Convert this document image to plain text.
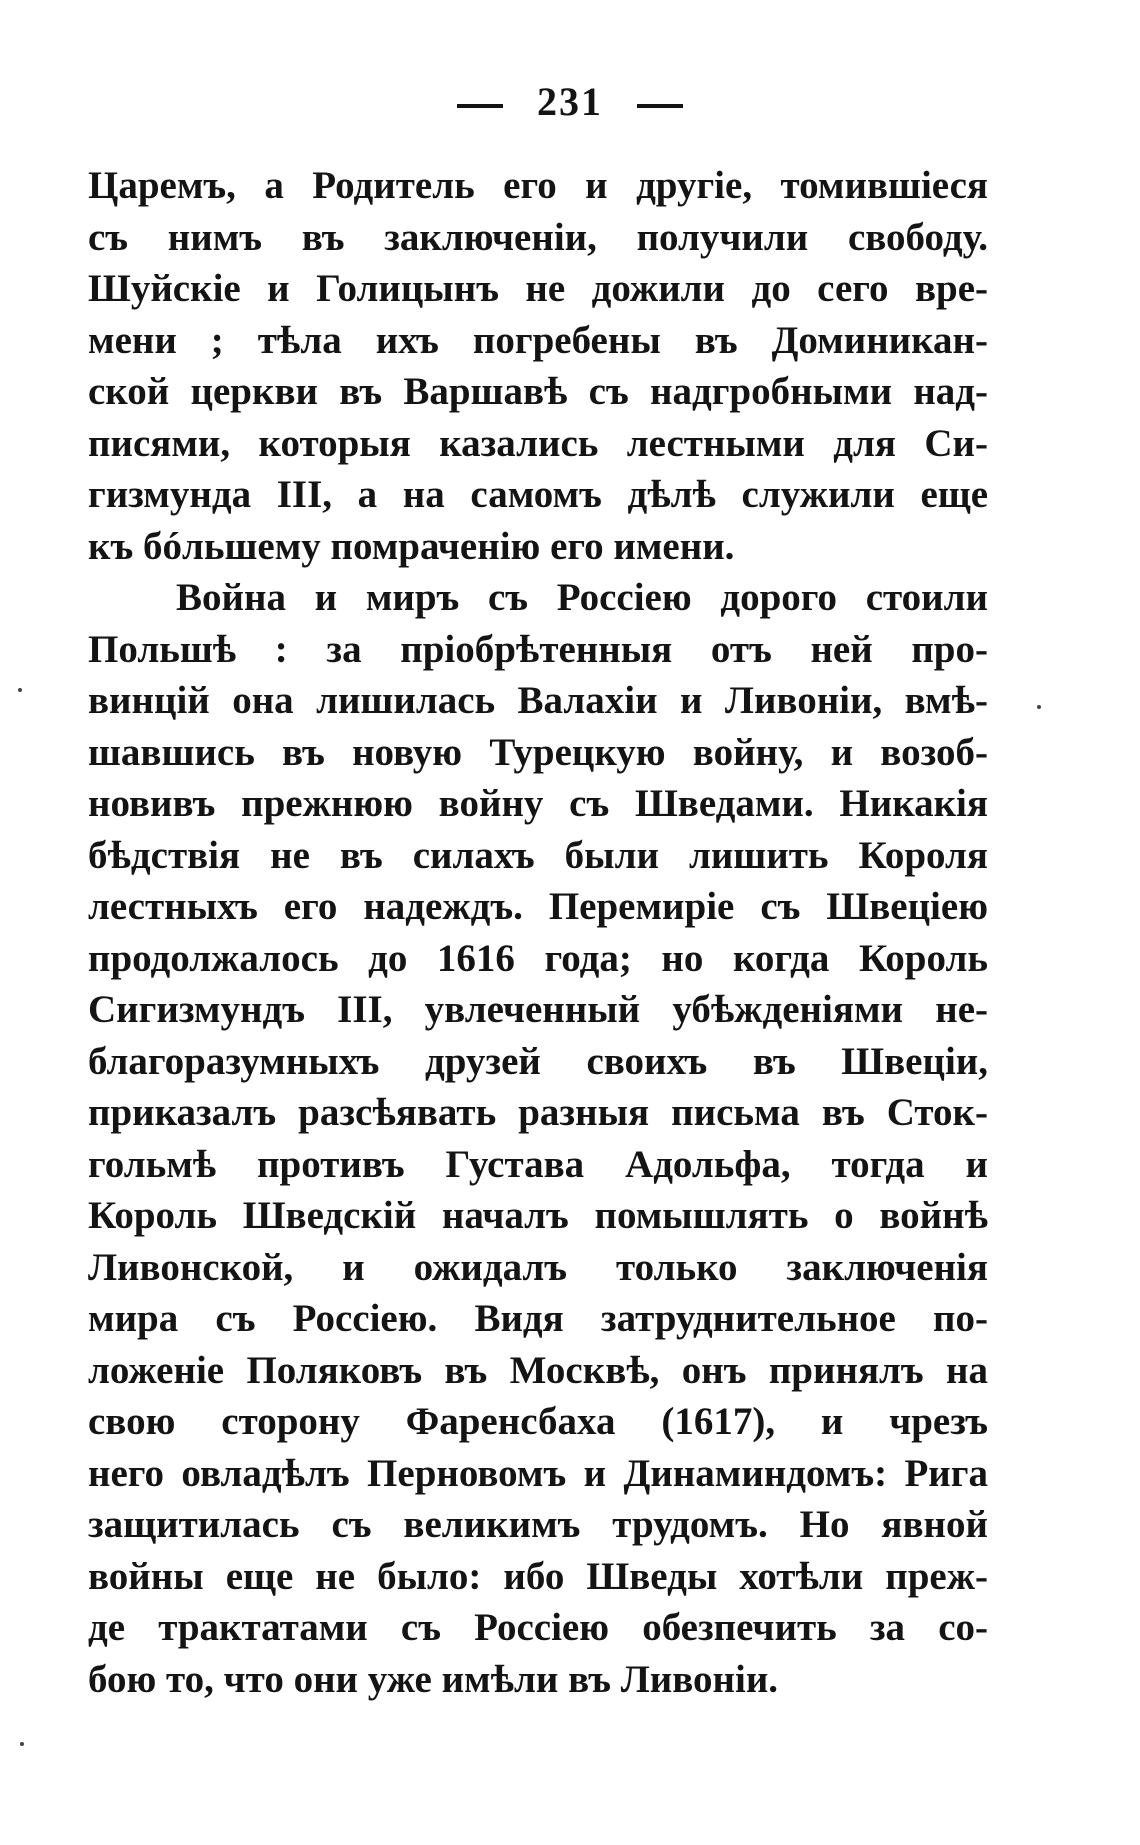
231
Царемъ, а Родитель его и другіе, томившіеся
съ нимъ въ заключеніи, получили свободу.
Шуйскіе и Голицынъ не дожили до сего вре-
мени ; тѣла ихъ погребены въ Доминикан-
ской церкви въ Варшавѣ съ надгробными над-
писями, которыя казались лестными для Си-
гизмунда III, а на самомъ дѣлѣ служили еще
къ бóльшему помраченію его имени.
Война и миръ съ Россіею дорого стоили
Польшѣ : за пріобрѣтенныя отъ ней про-
винцій она лишилась Валахіи и Ливоніи, вмѣ-
шавшись въ новую Турецкую войну, и возоб-
новивъ прежнюю войну съ Шведами. Никакія
бѣдствія не въ силахъ были лишить Короля
лестныхъ его надеждъ. Перемиріе съ Швеціею
продолжалось до 1616 года; но когда Король
Сигизмундъ III, увлеченный убѣжденіями не-
благоразумныхъ друзей своихъ въ Швеціи,
приказалъ разсѣявать разныя письма въ Сток-
гольмѣ противъ Густава Адольфа, тогда и
Король Шведскій началъ помышлять о войнѣ
Ливонской, и ожидалъ только заключенія
мира съ Россіею. Видя затруднительное по-
ложеніе Поляковъ въ Москвѣ, онъ принялъ на
свою сторону Фаренсбаха (1617), и чрезъ
него овладѣлъ Перновомъ и Динаминдомъ: Рига
защитилась съ великимъ трудомъ. Но явной
войны еще не было: ибо Шведы хотѣли преж-
де трактатами съ Россіею обезпечить за со-
бою то, что они уже имѣли въ Ливоніи.
